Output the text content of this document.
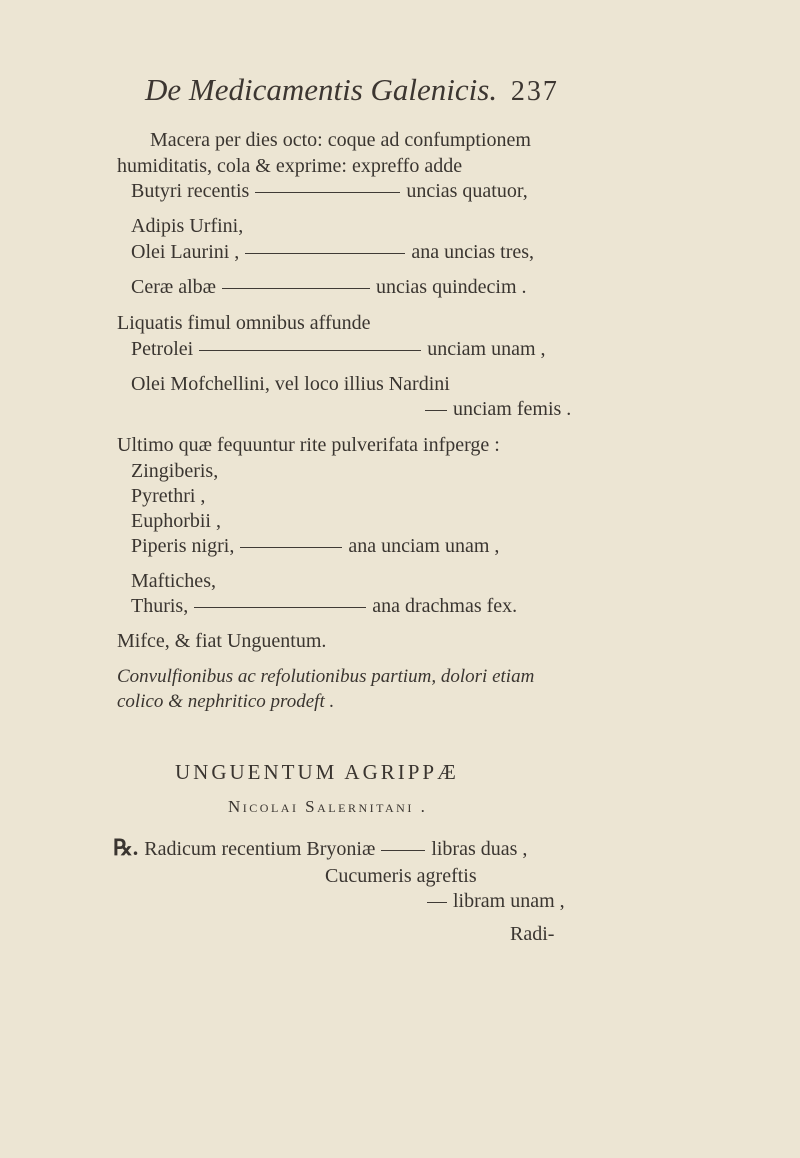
De Medicamentis Galenicis. 237
Macera per dies octo: coque ad confumptionem
humiditatis, cola & exprime: expreffo adde
Butyri recentis	uncias quatuor,
Adipis Urfini,
Olei Laurini ,	ana uncias tres,
Ceræ albæ	uncias quindecim .
Liquatis fimul omnibus affunde
Petrolei	unciam unam ,
Olei Mofchellini, vel loco illius Nardini
unciam femis .
Ultimo quæ fequuntur rite pulverifata infperge :
Zingiberis,
Pyrethri ,
Euphorbii ,
Piperis nigri,	ana unciam unam ,
Maftiches,
Thuris,	ana drachmas fex.
Mifce, & fiat Unguentum.
Convulfionibus ac refolutionibus partium, dolori etiam
colico & nephritico prodeft .
UNGUENTUM AGRIPPÆ
Nicolai Salernitani .
℞. Radicum recentium Bryoniæ	libras duas ,
Cucumeris agreftis
libram unam ,
Radi-
